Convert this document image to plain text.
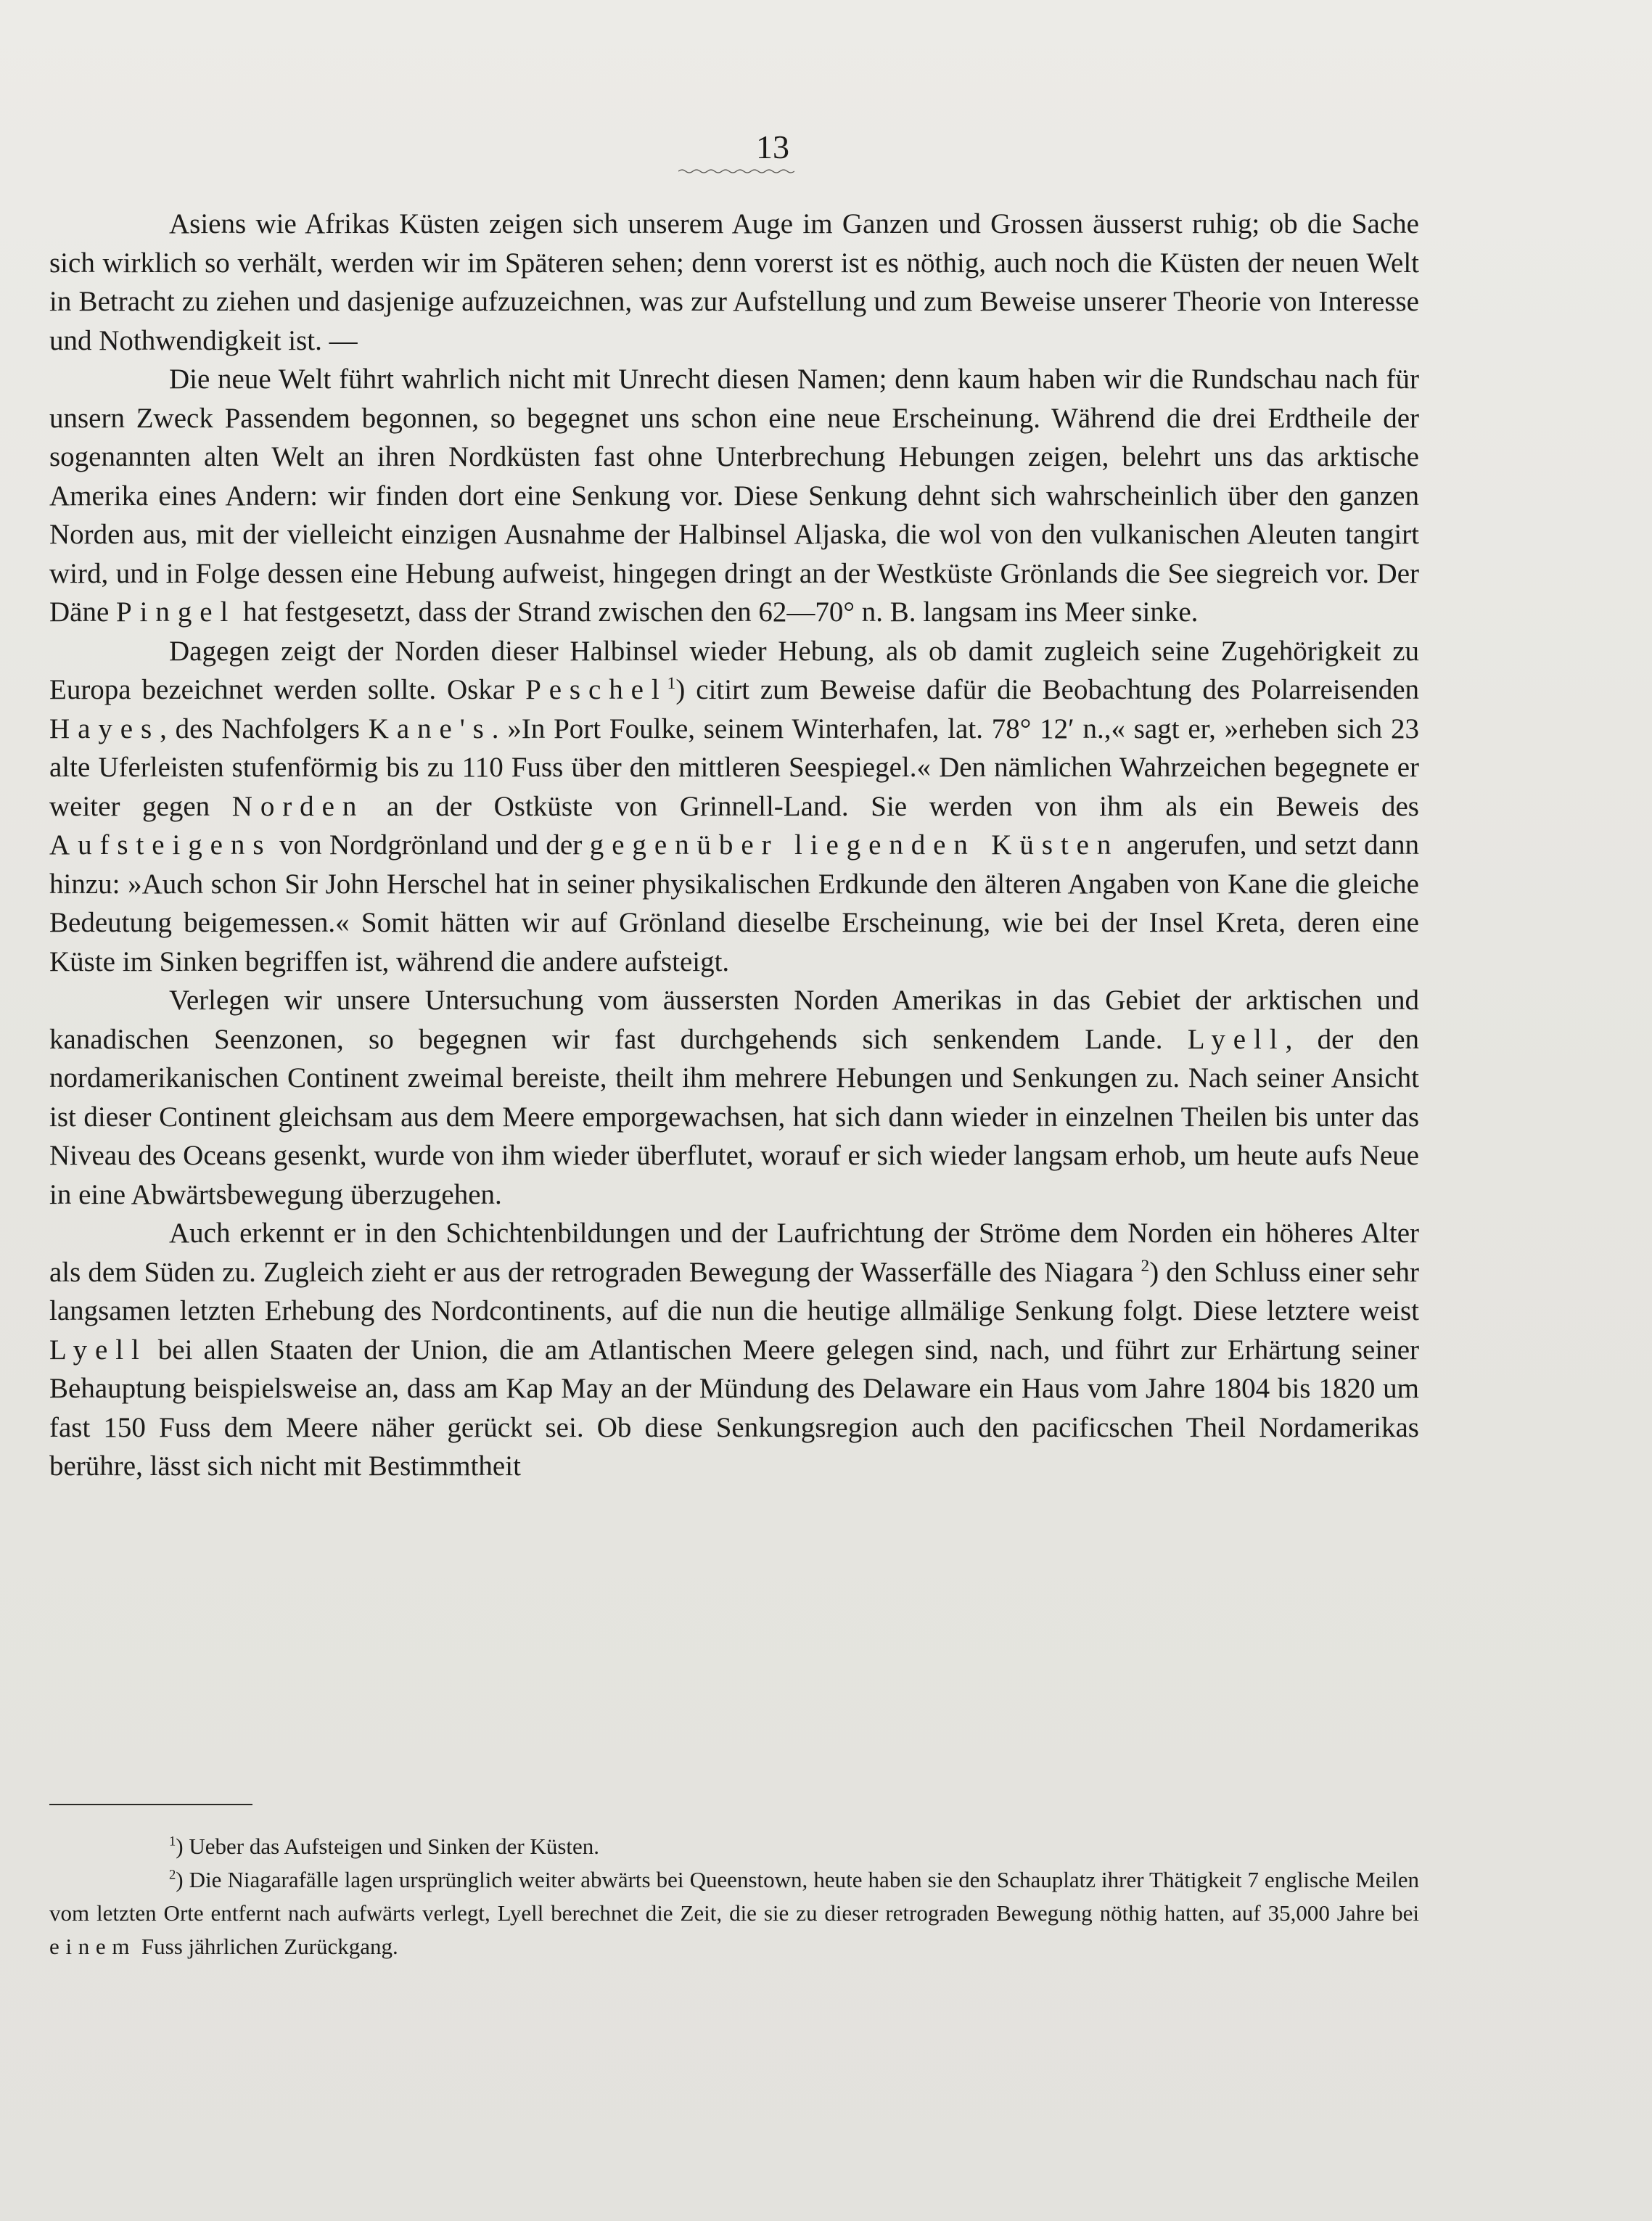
13

Asiens wie Afrikas Küsten zeigen sich unserem Auge im Ganzen und Grossen äusserst ruhig; ob die Sache sich wirklich so verhält, werden wir im Späteren sehen; denn vorerst ist es nöthig, auch noch die Küsten der neuen Welt in Betracht zu ziehen und dasjenige aufzuzeichnen, was zur Aufstellung und zum Beweise unserer Theorie von Interesse und Nothwendigkeit ist. —

Die neue Welt führt wahrlich nicht mit Unrecht diesen Namen; denn kaum haben wir die Rundschau nach für unsern Zweck Passendem begonnen, so begegnet uns schon eine neue Erscheinung. Während die drei Erdtheile der sogenannten alten Welt an ihren Nordküsten fast ohne Unterbrechung Hebungen zeigen, belehrt uns das arktische Amerika eines Andern: wir finden dort eine Senkung vor. Diese Senkung dehnt sich wahrscheinlich über den ganzen Norden aus, mit der vielleicht einzigen Ausnahme der Halbinsel Aljaska, die wol von den vulkanischen Aleuten tangirt wird, und in Folge dessen eine Hebung aufweist, hingegen dringt an der Westküste Grönlands die See siegreich vor. Der Däne Pingel hat festgesetzt, dass der Strand zwischen den 62—70° n. B. langsam ins Meer sinke.

Dagegen zeigt der Norden dieser Halbinsel wieder Hebung, als ob damit zugleich seine Zugehörigkeit zu Europa bezeichnet werden sollte. Oskar Peschel$^1$) citirt zum Beweise dafür die Beobachtung des Polarreisenden Hayes, des Nachfolgers Kane's. »In Port Foulke, seinem Winterhafen, lat. 78° 12′ n.,« sagt er, »erheben sich 23 alte Uferleisten stufenförmig bis zu 110 Fuss über den mittleren Seespiegel.« Den nämlichen Wahrzeichen begegnete er weiter gegen Norden an der Ostküste von Grinnell-Land. Sie werden von ihm als ein Beweis des Aufsteigens von Nordgrönland und der gegenüber liegenden Küsten angerufen, und setzt dann hinzu: »Auch schon Sir John Herschel hat in seiner physikalischen Erdkunde den älteren Angaben von Kane die gleiche Bedeutung beigemessen.« Somit hätten wir auf Grönland dieselbe Erscheinung, wie bei der Insel Kreta, deren eine Küste im Sinken begriffen ist, während die andere aufsteigt.

Verlegen wir unsere Untersuchung vom äussersten Norden Amerikas in das Gebiet der arktischen und kanadischen Seenzonen, so begegnen wir fast durchgehends sich senkendem Lande. Lyell, der den nordamerikanischen Continent zweimal bereiste, theilt ihm mehrere Hebungen und Senkungen zu. Nach seiner Ansicht ist dieser Continent gleichsam aus dem Meere emporgewachsen, hat sich dann wieder in einzelnen Theilen bis unter das Niveau des Oceans gesenkt, wurde von ihm wieder überflutet, worauf er sich wieder langsam erhob, um heute aufs Neue in eine Abwärtsbewegung überzugehen.

Auch erkennt er in den Schichtenbildungen und der Laufrichtung der Ströme dem Norden ein höheres Alter als dem Süden zu. Zugleich zieht er aus der retrograden Bewegung der Wasserfälle des Niagara $^2$) den Schluss einer sehr langsamen letzten Erhebung des Nordcontinents, auf die nun die heutige allmälige Senkung folgt. Diese letztere weist Lyell bei allen Staaten der Union, die am Atlantischen Meere gelegen sind, nach, und führt zur Erhärtung seiner Behauptung beispielsweise an, dass am Kap May an der Mündung des Delaware ein Haus vom Jahre 1804 bis 1820 um fast 150 Fuss dem Meere näher gerückt sei. Ob diese Senkungsregion auch den pacificschen Theil Nordamerikas berühre, lässt sich nicht mit Bestimmtheit

$^1$) Ueber das Aufsteigen und Sinken der Küsten.

$^2$) Die Niagarafälle lagen ursprünglich weiter abwärts bei Queenstown, heute haben sie den Schauplatz ihrer Thätigkeit 7 englische Meilen vom letzten Orte entfernt nach aufwärts verlegt, Lyell berechnet die Zeit, die sie zu dieser retrograden Bewegung nöthig hatten, auf 35,000 Jahre bei einem Fuss jährlichen Zurückgang.
